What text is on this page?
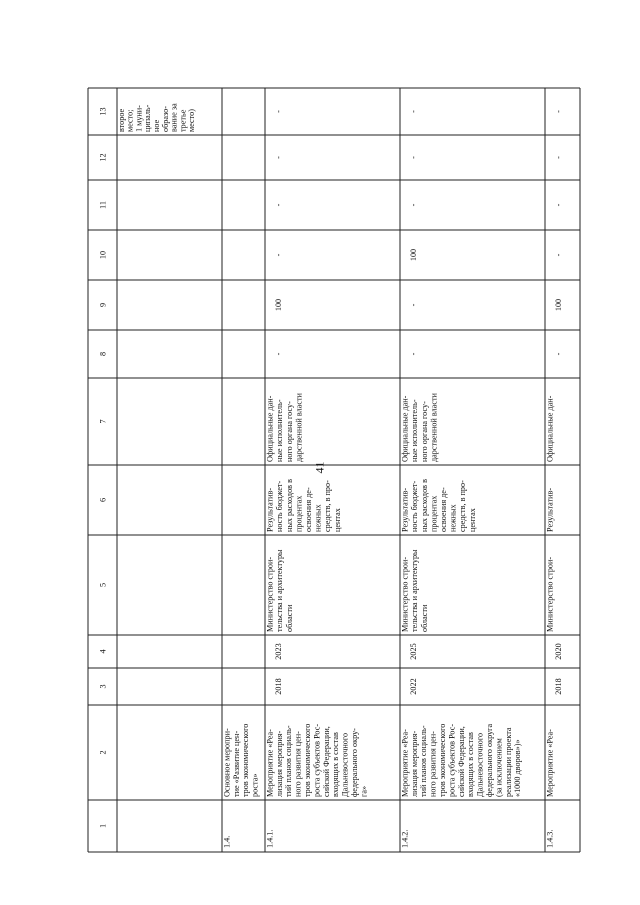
41
1
2
3
4
5
6
7
8
9
10
11
12
13 второе место; 1 муни- ципаль- ное образо- вание за третье место)
1.4.
Основное меропри- тие «Развитие цен- тров экономического роста»
1.4.1.
Мероприятие «Реа- лизация мероприя- тий планов социаль- ного развития цен- тров экономического роста субъектов Рос- сийской Федерации, входящих в состав Дальневосточного федерального окру- га»
2018
2023
Министерство строи- тельства и архитектуры области
Результатив- ность бюджет- ных расходов в процентах освоения де- нежных средств, в про- центах
Официальные дан- ные исполнитель- ного органа госу- дарственной власти
-
100
-
-
-
-
1.4.2.
Мероприятие «Реа- лизация мероприя- тий планов социаль- ного развития цен- тров экономического роста субъектов Рос- сийской Федерации, входящих в состав Дальневосточного федерального округа (за исключением реализации проекта «1000 дворов»)»
2022
2025
Министерство строи- тельства и архитектуры области
Результатив- ность бюджет- ных расходов в процентах освоения де- нежных средств, в про- центах
Официальные дан- ные исполнитель- ного органа госу- дарственной власти
-
-
100
-
-
-
1.4.3.
Мероприятие «Реа-
2018
2020
Министерство строи-
Результатив-
Официальные дан-
-
100
-
-
-
-
